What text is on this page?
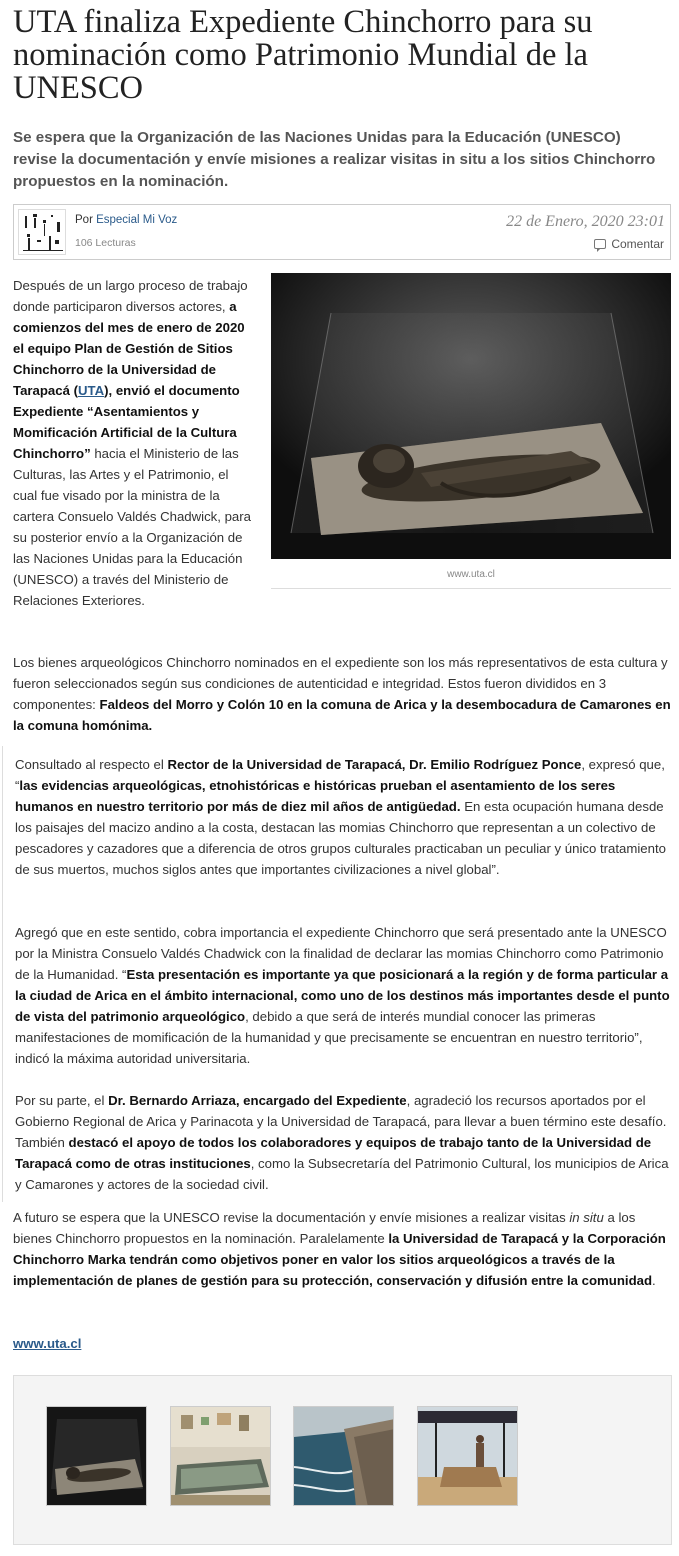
UTA finaliza Expediente Chinchorro para su nominación como Patrimonio Mundial de la UNESCO

Se espera que la Organización de las Naciones Unidas para la Educación (UNESCO) revise la documentación y envíe misiones a realizar visitas in situ a los sitios Chinchorro propuestos en la nominación.

Por Especial Mi Voz
106 Lecturas
22 de Enero, 2020 23:01
Comentar

Después de un largo proceso de trabajo donde participaron diversos actores, a comienzos del mes de enero de 2020 el equipo Plan de Gestión de Sitios Chinchorro de la Universidad de Tarapacá (UTA), envió el documento Expediente “Asentamientos y Momificación Artificial de la Cultura Chinchorro” hacia el Ministerio de las Culturas, las Artes y el Patrimonio, el cual fue visado por la ministra de la cartera Consuelo Valdés Chadwick, para su posterior envío a la Organización de las Naciones Unidas para la Educación (UNESCO) a través del Ministerio de Relaciones Exteriores.

www.uta.cl

Los bienes arqueológicos Chinchorro nominados en el expediente son los más representativos de esta cultura y fueron seleccionados según sus condiciones de autenticidad e integridad. Estos fueron divididos en 3 componentes: Faldeos del Morro y Colón 10 en la comuna de Arica y la desembocadura de Camarones en la comuna homónima.

Consultado al respecto el Rector de la Universidad de Tarapacá, Dr. Emilio Rodríguez Ponce, expresó que, “las evidencias arqueológicas, etnohistóricas e históricas prueban el asentamiento de los seres humanos en nuestro territorio por más de diez mil años de antigüedad. En esta ocupación humana desde los paisajes del macizo andino a la costa, destacan las momias Chinchorro que representan a un colectivo de pescadores y cazadores que a diferencia de otros grupos culturales practicaban un peculiar y único tratamiento de sus muertos, muchos siglos antes que importantes civilizaciones a nivel global”.

Agregó que en este sentido, cobra importancia el expediente Chinchorro que será presentado ante la UNESCO por la Ministra Consuelo Valdés Chadwick con la finalidad de declarar las momias Chinchorro como Patrimonio de la Humanidad. “Esta presentación es importante ya que posicionará a la región y de forma particular a la ciudad de Arica en el ámbito internacional, como uno de los destinos más importantes desde el punto de vista del patrimonio arqueológico, debido a que será de interés mundial conocer las primeras manifestaciones de momificación de la humanidad y que precisamente se encuentran en nuestro territorio”, indicó la máxima autoridad universitaria.

Por su parte, el Dr. Bernardo Arriaza, encargado del Expediente, agradeció los recursos aportados por el Gobierno Regional de Arica y Parinacota y la Universidad de Tarapacá, para llevar a buen término este desafío. También destacó el apoyo de todos los colaboradores y equipos de trabajo tanto de la Universidad de Tarapacá como de otras instituciones, como la Subsecretaría del Patrimonio Cultural, los municipios de Arica y Camarones y actores de la sociedad civil.

A futuro se espera que la UNESCO revise la documentación y envíe misiones a realizar visitas in situ a los bienes Chinchorro propuestos en la nominación. Paralelamente la Universidad de Tarapacá y la Corporación Chinchorro Marka tendrán como objetivos poner en valor los sitios arqueológicos a través de la implementación de planes de gestión para su protección, conservación y difusión entre la comunidad.

www.uta.cl
